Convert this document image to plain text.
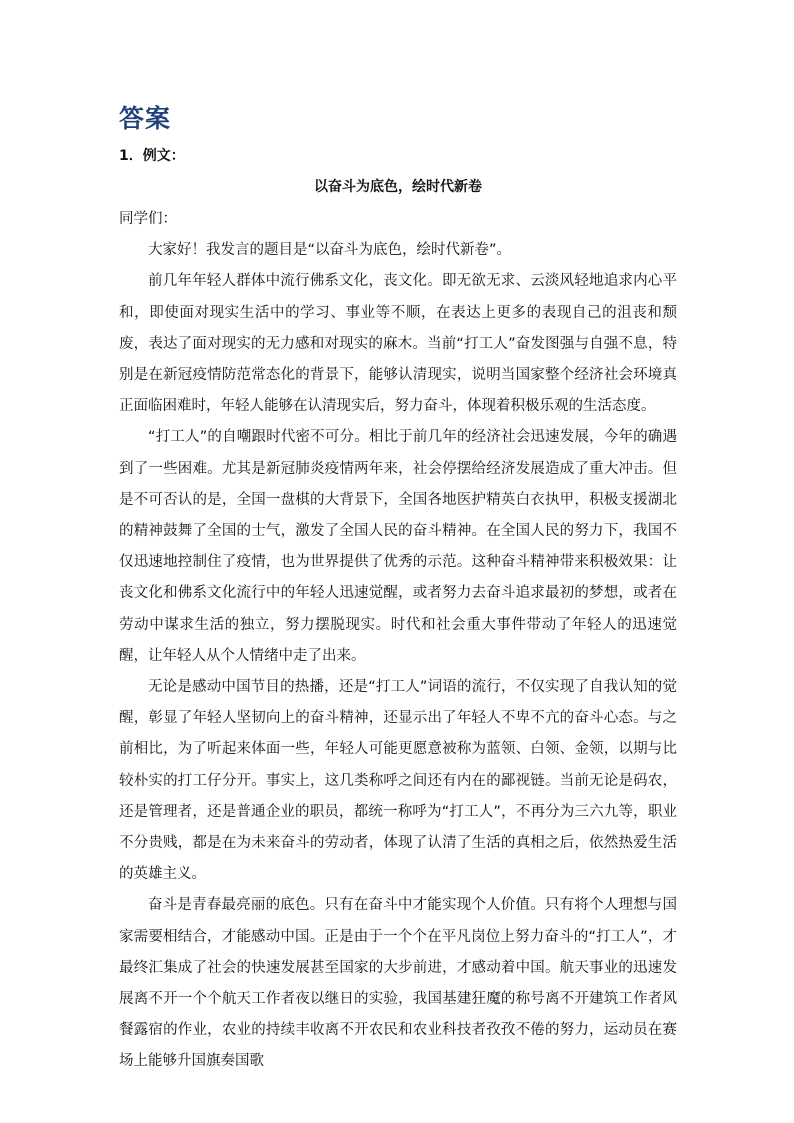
答案
1．例文：
以奋斗为底色，绘时代新卷

同学们：

大家好！我发言的题目是“以奋斗为底色，绘时代新卷”。

前几年年轻人群体中流行佛系文化，丧文化。即无欲无求、云淡风轻地追求内心平和，即使面对现实生活中的学习、事业等不顺，在表达上更多的表现自己的沮丧和颓废，表达了面对现实的无力感和对现实的麻木。当前“打工人”奋发图强与自强不息，特别是在新冠疫情防范常态化的背景下，能够认清现实，说明当国家整个经济社会环境真正面临困难时，年轻人能够在认清现实后，努力奋斗，体现着积极乐观的生活态度。

“打工人”的自嘲跟时代密不可分。相比于前几年的经济社会迅速发展，今年的确遇到了一些困难。尤其是新冠肺炎疫情两年来，社会停摆给经济发展造成了重大冲击。但是不可否认的是，全国一盘棋的大背景下，全国各地医护精英白衣执甲，积极支援湖北的精神鼓舞了全国的士气，激发了全国人民的奋斗精神。在全国人民的努力下，我国不仅迅速地控制住了疫情，也为世界提供了优秀的示范。这种奋斗精神带来积极效果：让丧文化和佛系文化流行中的年轻人迅速觉醒，或者努力去奋斗追求最初的梦想，或者在劳动中谋求生活的独立，努力摆脱现实。时代和社会重大事件带动了年轻人的迅速觉醒，让年轻人从个人情绪中走了出来。

无论是感动中国节目的热播，还是“打工人”词语的流行，不仅实现了自我认知的觉醒，彰显了年轻人坚韧向上的奋斗精神，还显示出了年轻人不卑不亢的奋斗心态。与之前相比，为了听起来体面一些，年轻人可能更愿意被称为蓝领、白领、金领，以期与比较朴实的打工仔分开。事实上，这几类称呼之间还有内在的鄙视链。当前无论是码农，还是管理者，还是普通企业的职员，都统一称呼为“打工人”，不再分为三六九等，职业不分贵贱，都是在为未来奋斗的劳动者，体现了认清了生活的真相之后，依然热爱生活的英雄主义。

奋斗是青春最亮丽的底色。只有在奋斗中才能实现个人价值。只有将个人理想与国家需要相结合，才能感动中国。正是由于一个个在平凡岗位上努力奋斗的“打工人”，才最终汇集成了社会的快速发展甚至国家的大步前进，才感动着中国。航天事业的迅速发展离不开一个个航天工作者夜以继日的实验，我国基建狂魔的称号离不开建筑工作者风餐露宿的作业，农业的持续丰收离不开农民和农业科技者孜孜不倦的努力，运动员在赛场上能够升国旗奏国歌
